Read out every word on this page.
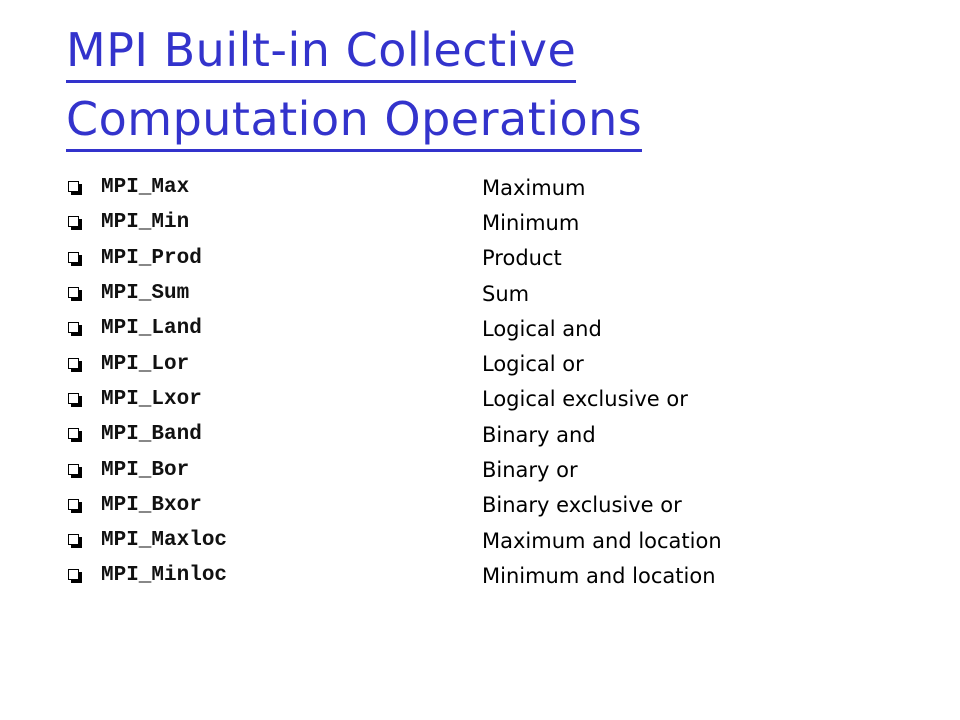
MPI Built-in Collective
Computation Operations
MPI_Max	Maximum
MPI_Min	Minimum
MPI_Prod	Product
MPI_Sum	Sum
MPI_Land	Logical and
MPI_Lor	Logical or
MPI_Lxor	Logical exclusive or
MPI_Band	Binary and
MPI_Bor	Binary or
MPI_Bxor	Binary exclusive or
MPI_Maxloc	Maximum and location
MPI_Minloc	Minimum and location
